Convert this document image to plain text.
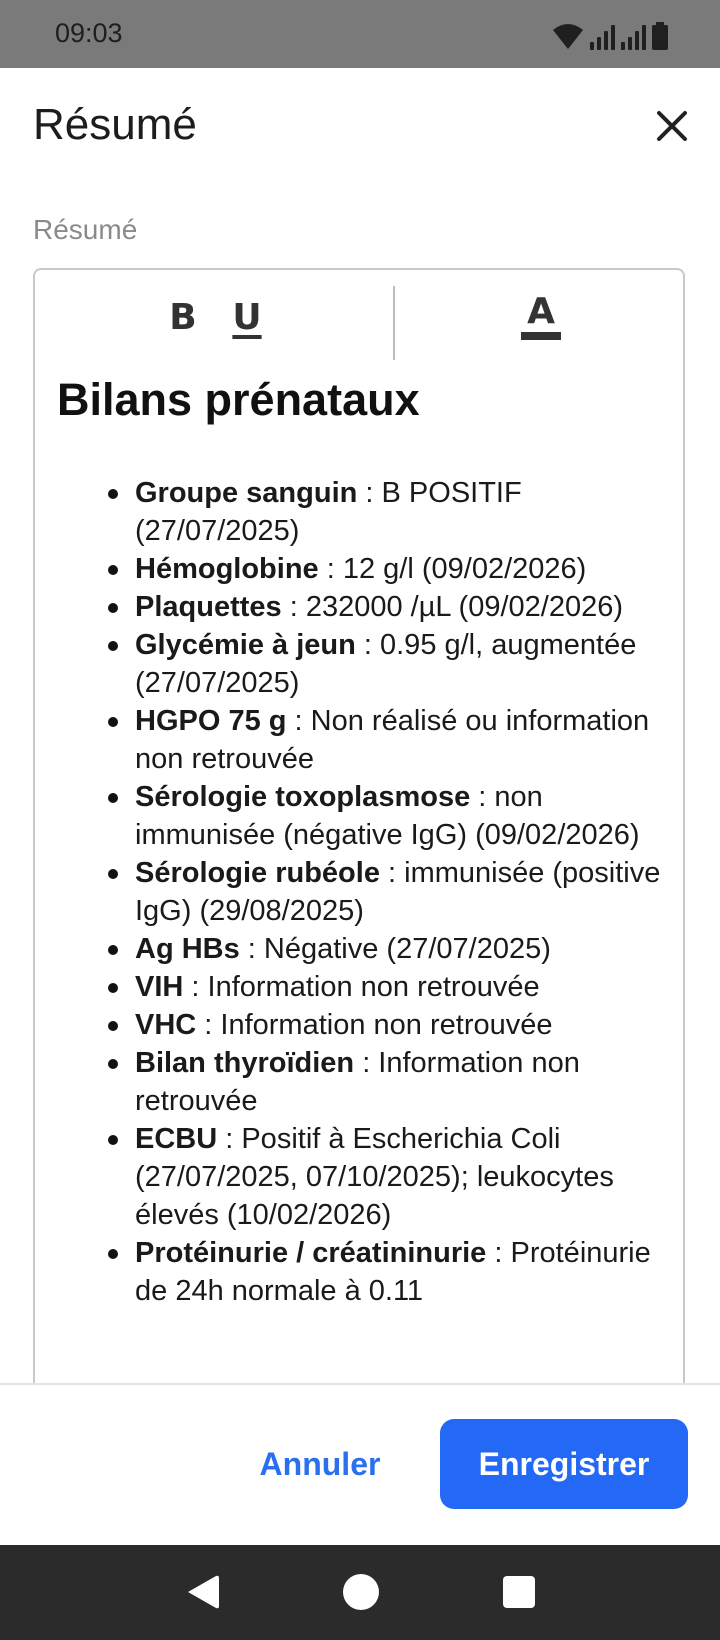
09:03
Résumé
Résumé
B U	A
Bilans prénataux
Groupe sanguin : B POSITIF (27/07/2025)
Hémoglobine : 12 g/l (09/02/2026)
Plaquettes : 232000 /µL (09/02/2026)
Glycémie à jeun : 0.95 g/l, augmentée (27/07/2025)
HGPO 75 g : Non réalisé ou information non retrouvée
Sérologie toxoplasmose : non immunisée (négative IgG) (09/02/2026)
Sérologie rubéole : immunisée (positive IgG) (29/08/2025)
Ag HBs : Négative (27/07/2025)
VIH : Information non retrouvée
VHC : Information non retrouvée
Bilan thyroïdien : Information non retrouvée
ECBU : Positif à Escherichia Coli (27/07/2025, 07/10/2025); leukocytes élevés (10/02/2026)
Protéinurie / créatininurie : Protéinurie de 24h normale à 0.11
Annuler	Enregistrer
